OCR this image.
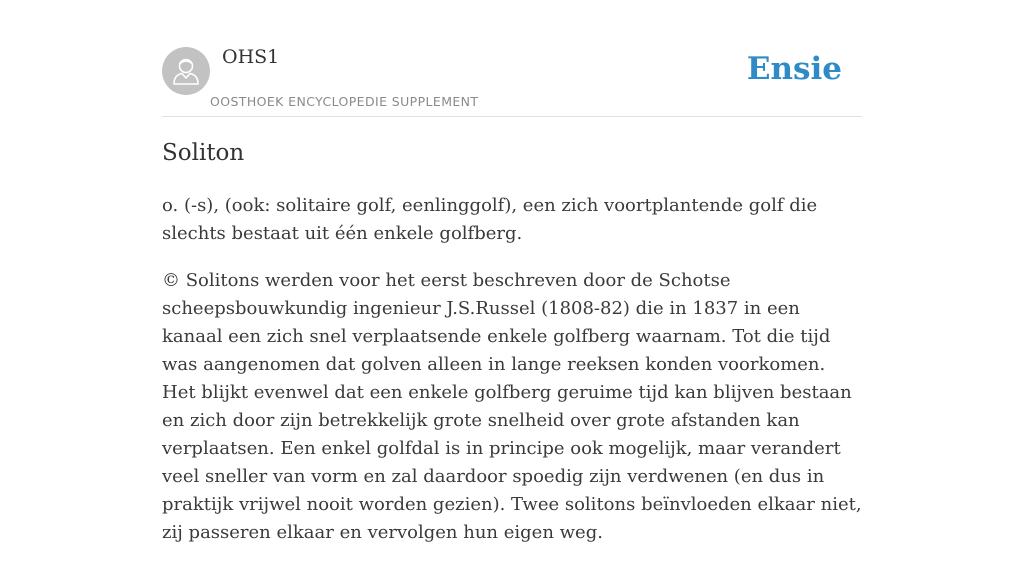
OHS1
OOSTHOEK ENCYCLOPEDIE SUPPLEMENT
Ensie
Soliton

o. (-s), (ook: solitaire golf, eenlinggolf), een zich voortplantende golf die slechts bestaat uit één enkele golfberg.

© Solitons werden voor het eerst beschreven door de Schotse scheepsbouwkundig ingenieur J.S.Russel (1808-82) die in 1837 in een kanaal een zich snel verplaatsende enkele golfberg waarnam. Tot die tijd was aangenomen dat golven alleen in lange reeksen konden voorkomen. Het blijkt evenwel dat een enkele golfberg geruime tijd kan blijven bestaan en zich door zijn betrekkelijk grote snelheid over grote afstanden kan verplaatsen. Een enkel golfdal is in principe ook mogelijk, maar verandert veel sneller van vorm en zal daardoor spoedig zijn verdwenen (en dus in praktijk vrijwel nooit worden gezien). Twee solitons beïnvloeden elkaar niet, zij passeren elkaar en vervolgen hun eigen weg.
